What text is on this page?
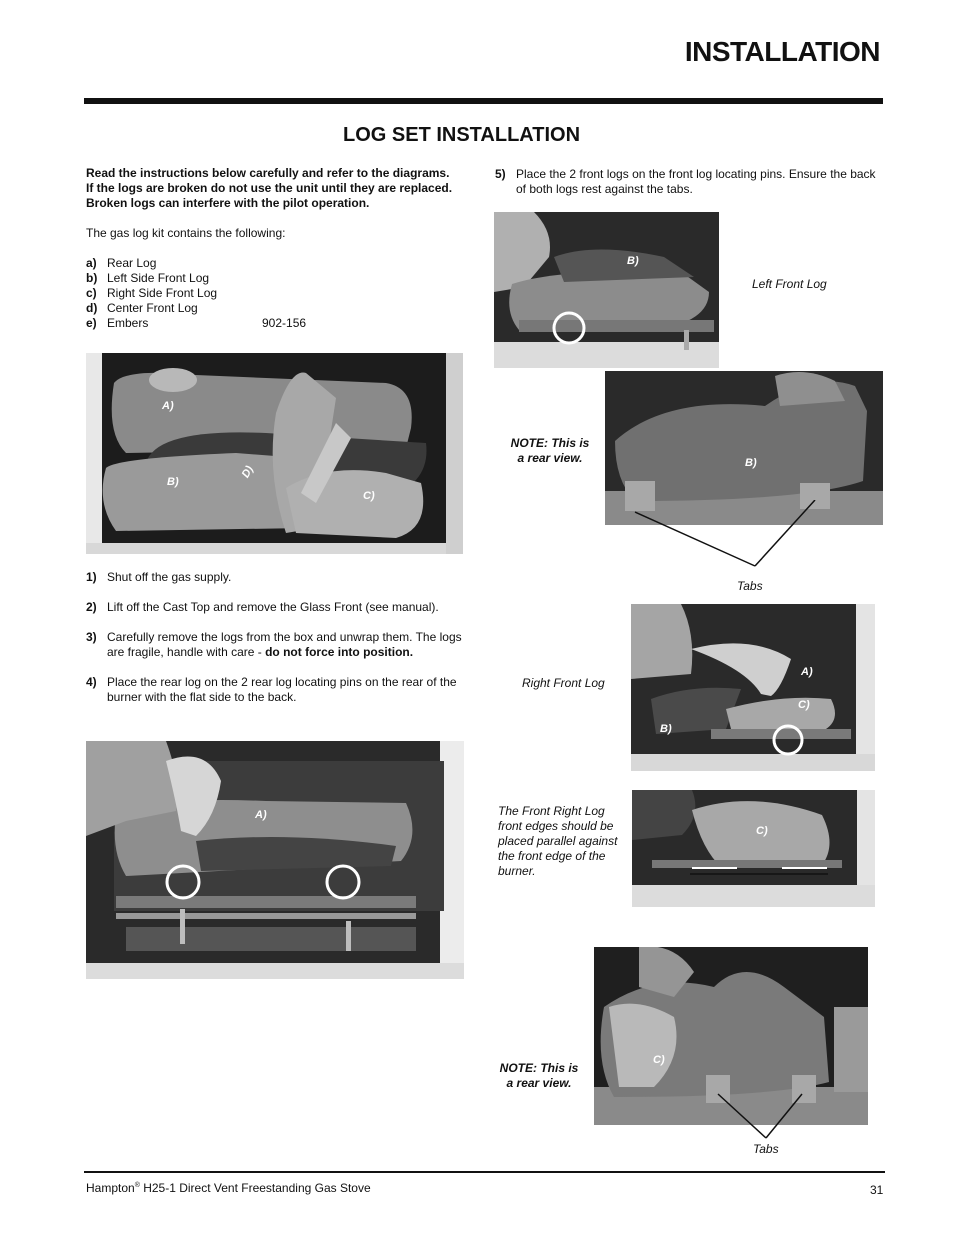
INSTALLATION
LOG SET INSTALLATION
Read the instructions below carefully and refer to the diagrams.
If the logs are broken do not use the unit until they are replaced.
Broken logs can interfere with the pilot operation.
The gas log kit contains the following:
a) Rear Log
b) Left Side Front Log
c) Right Side Front Log
d) Center Front Log
e) Embers	902-156
A)
B)
D)
C)
1) Shut off the gas supply.
2) Lift off the Cast Top and remove the Glass Front (see manual).
3) Carefully remove the logs from the box and unwrap them. The logs are fragile, handle with care - do not force into position.
4) Place the rear log on the 2 rear log locating pins on the rear of the burner with the flat side to the back.
A)
5) Place the 2 front logs on the front log locating pins. Ensure the back of both logs rest against the tabs.
B)
Left Front Log
B)
NOTE: This is
a rear view.
Tabs
A)
C)
B)
Right Front Log
C)
The Front Right Log
front edges should be
placed parallel against
the front edge of the
burner.
C)
NOTE: This is
a rear view.
Tabs
Hampton® H25-1 Direct Vent Freestanding Gas Stove	31
